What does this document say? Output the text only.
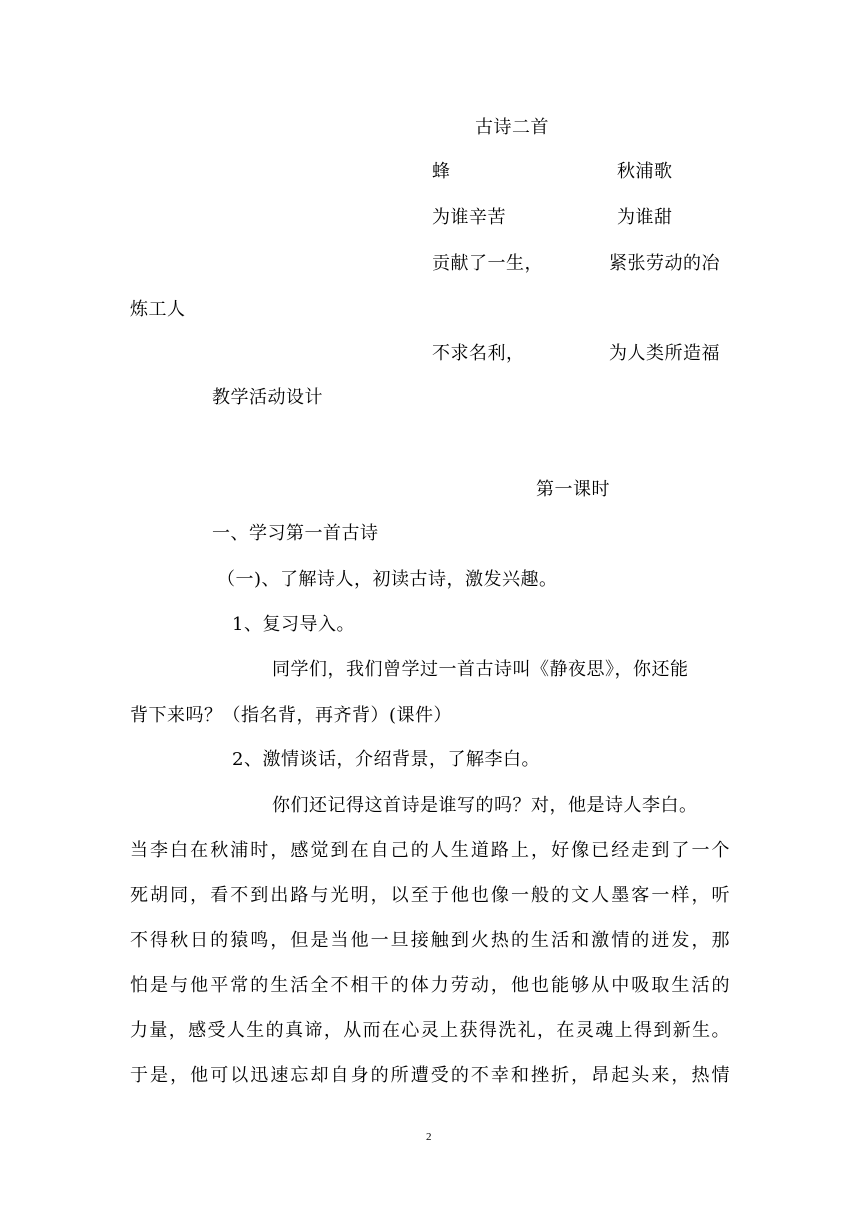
古诗二首

蜂	秋浦歌

为谁辛苦	为谁甜

贡献了一生，	紧张劳动的冶

炼工人

不求名利，	为人类所造福

教学活动设计

第一课时

一、学习第一首古诗

（一)、了解诗人，初读古诗，激发兴趣。

1、复习导入。

同学们，我们曾学过一首古诗叫《静夜思》，你还能

背下来吗？（指名背，再齐背）(课件）

2、激情谈话，介绍背景，了解李白。

你们还记得这首诗是谁写的吗？对，他是诗人李白。

当李白在秋浦时，感觉到在自己的人生道路上，好像已经走到了一个

死胡同，看不到出路与光明，以至于他也像一般的文人墨客一样，听

不得秋日的猿鸣，但是当他一旦接触到火热的生活和激情的迸发，那

怕是与他平常的生活全不相干的体力劳动，他也能够从中吸取生活的

力量，感受人生的真谛，从而在心灵上获得洗礼，在灵魂上得到新生。

于是，他可以迅速忘却自身的所遭受的不幸和挫折，昂起头来，热情

2
